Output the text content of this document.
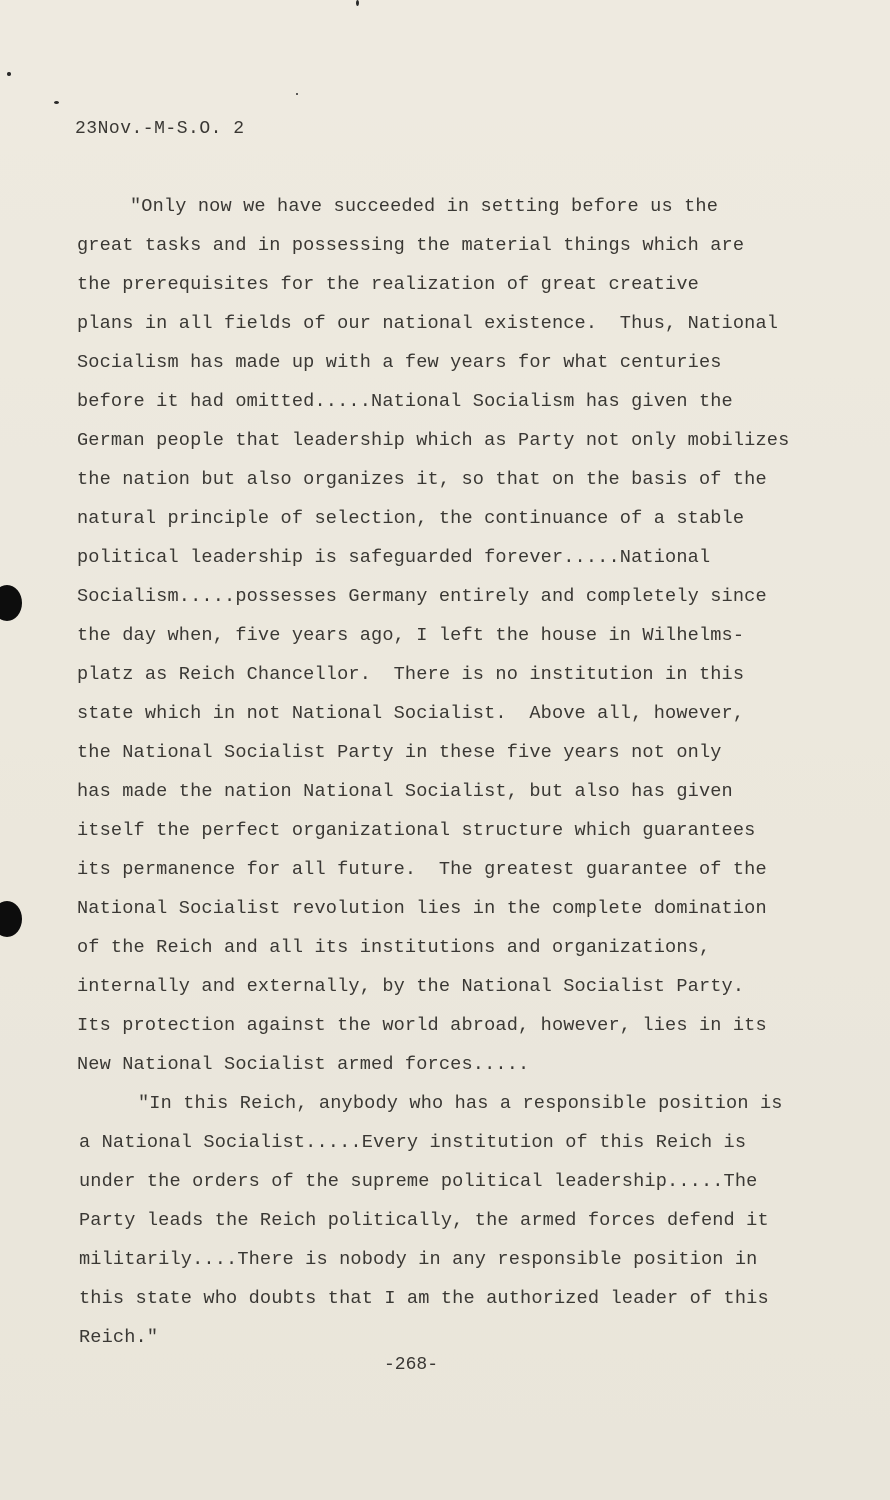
23Nov.-M-S.O. 2
"Only now we have succeeded in setting before us the
great tasks and in possessing the material things which are
the prerequisites for the realization of great creative
plans in all fields of our national existence.  Thus, National
Socialism has made up with a few years for what centuries
before it had omitted.....National Socialism has given the
German people that leadership which as Party not only mobilizes
the nation but also organizes it, so that on the basis of the
natural principle of selection, the continuance of a stable
political leadership is safeguarded forever.....National
Socialism.....possesses Germany entirely and completely since
the day when, five years ago, I left the house in Wilhelms-
platz as Reich Chancellor.  There is no institution in this
state which in not National Socialist.  Above all, however,
the National Socialist Party in these five years not only
has made the nation National Socialist, but also has given
itself the perfect organizational structure which guarantees
its permanence for all future.  The greatest guarantee of the
National Socialist revolution lies in the complete domination
of the Reich and all its institutions and organizations,
internally and externally, by the National Socialist Party.
Its protection against the world abroad, however, lies in its
New National Socialist armed forces.....
"In this Reich, anybody who has a responsible position is
a National Socialist.....Every institution of this Reich is
under the orders of the supreme political leadership.....The
Party leads the Reich politically, the armed forces defend it
militarily....There is nobody in any responsible position in
this state who doubts that I am the authorized leader of this
Reich."
-268-
